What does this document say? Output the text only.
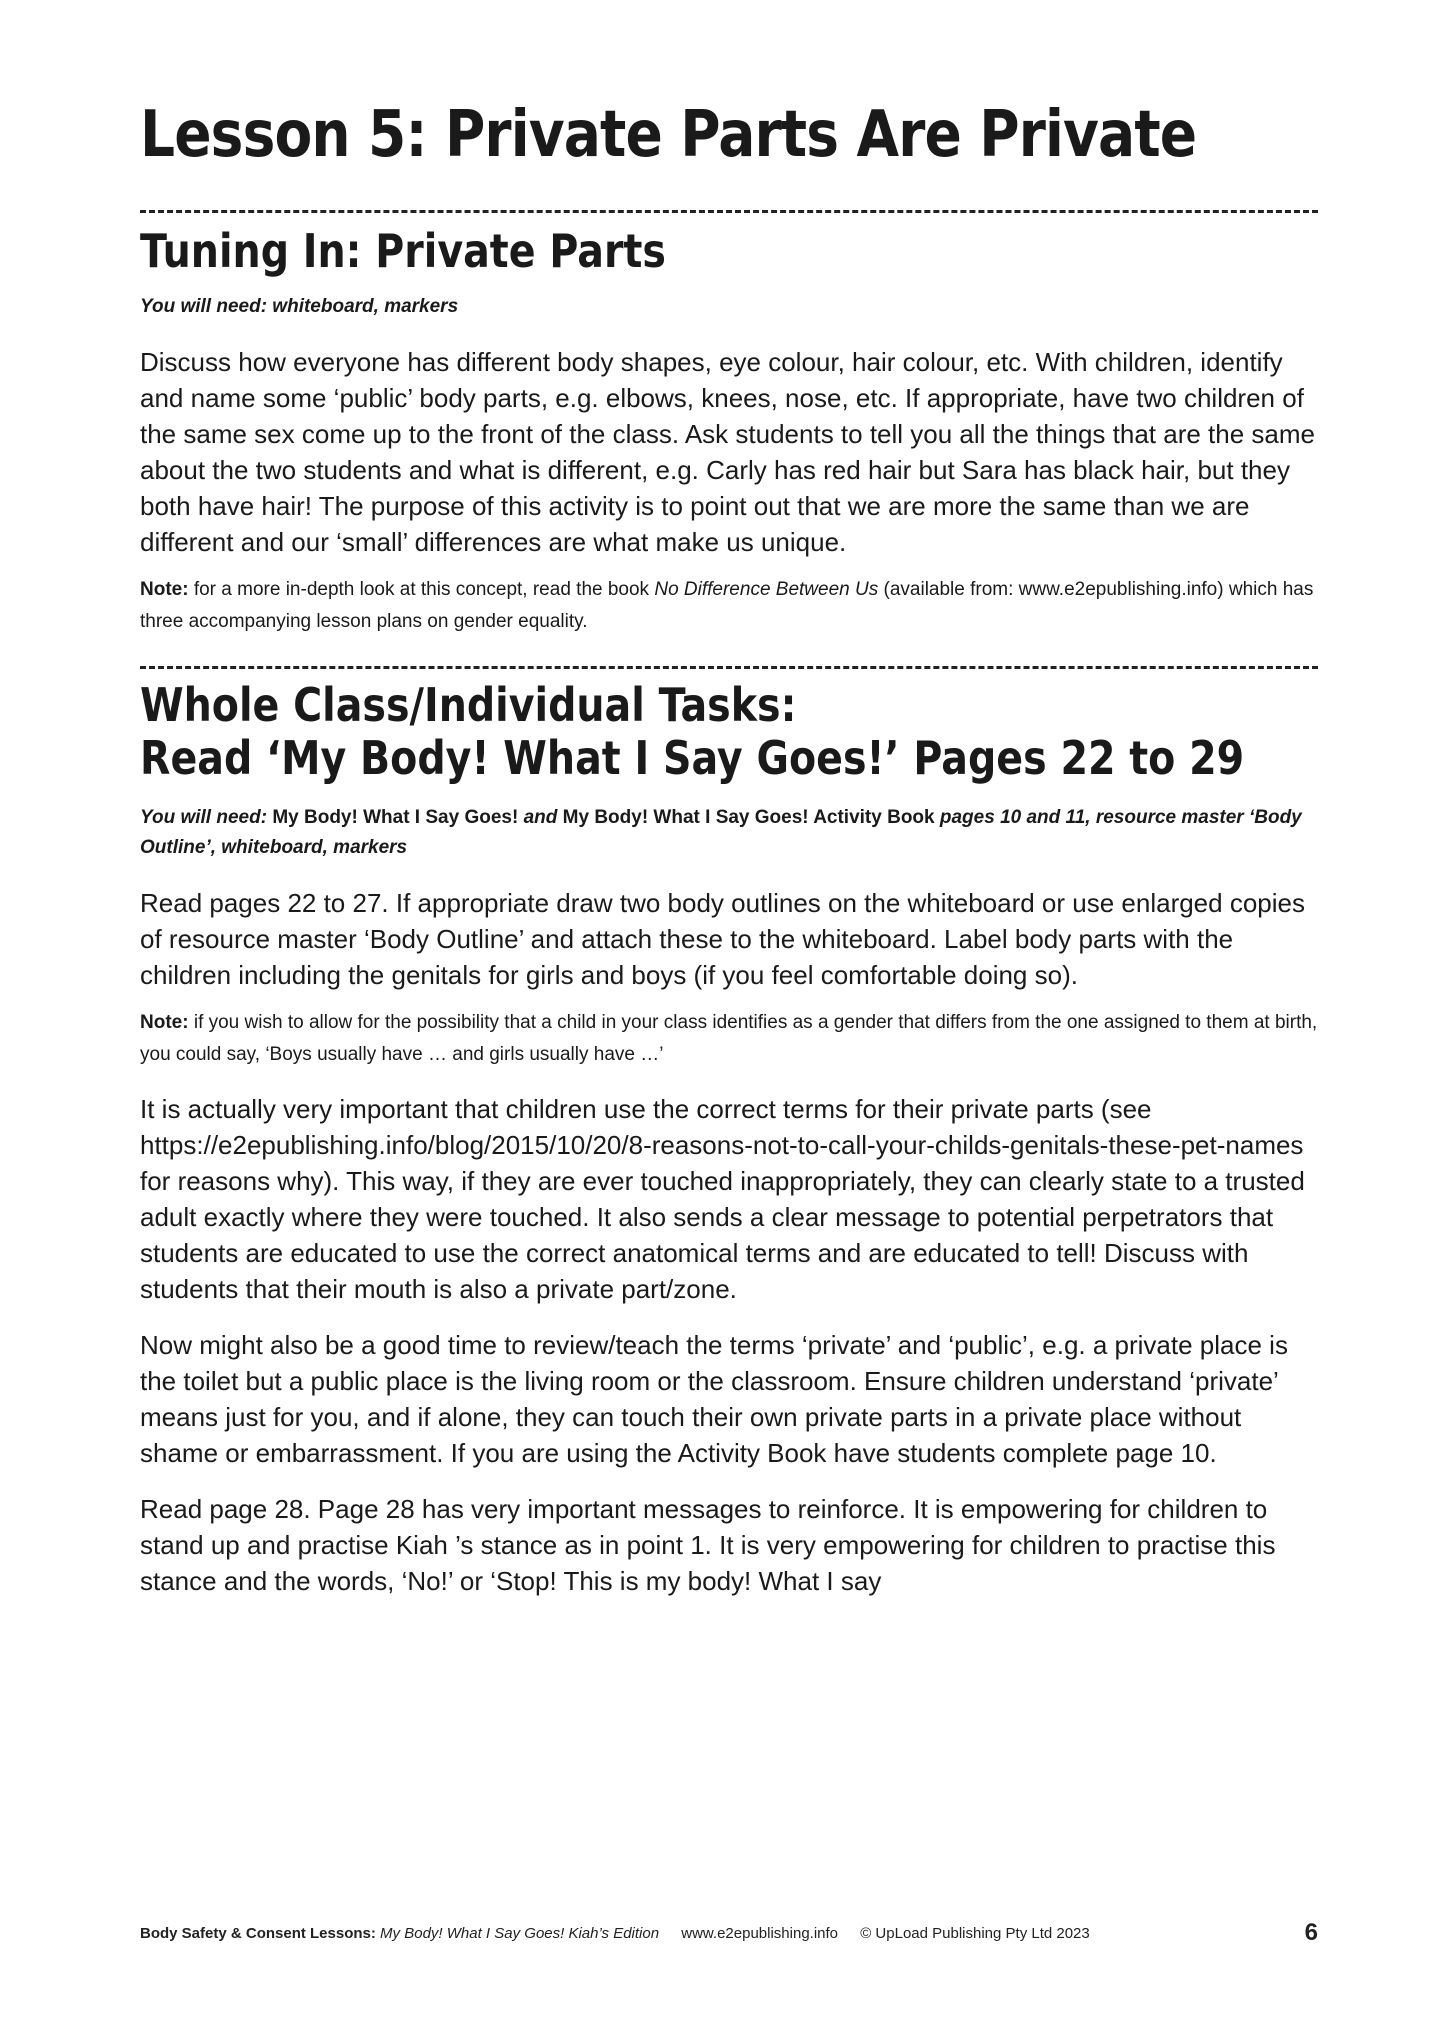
Lesson 5: Private Parts Are Private
Tuning In: Private Parts

You will need: whiteboard, markers

Discuss how everyone has different body shapes, eye colour, hair colour, etc. With children, identify and name some ‘public’ body parts, e.g. elbows, knees, nose, etc. If appropriate, have two children of the same sex come up to the front of the class. Ask students to tell you all the things that are the same about the two students and what is different, e.g. Carly has red hair but Sara has black hair, but they both have hair! The purpose of this activity is to point out that we are more the same than we are different and our ‘small’ differences are what make us unique.

Note: for a more in-depth look at this concept, read the book No Difference Between Us (available from: www.e2epublishing.info) which has three accompanying lesson plans on gender equality.

Whole Class/Individual Tasks:
Read ‘My Body! What I Say Goes!’ Pages 22 to 29

You will need: My Body! What I Say Goes! and My Body! What I Say Goes! Activity Book pages 10 and 11, resource master ‘Body Outline’, whiteboard, markers

Read pages 22 to 27. If appropriate draw two body outlines on the whiteboard or use enlarged copies of resource master ‘Body Outline’ and attach these to the whiteboard. Label body parts with the children including the genitals for girls and boys (if you feel comfortable doing so).

Note: if you wish to allow for the possibility that a child in your class identifies as a gender that differs from the one assigned to them at birth, you could say, ‘Boys usually have … and girls usually have …’

It is actually very important that children use the correct terms for their private parts (see https://e2epublishing.info/blog/2015/10/20/8-reasons-not-to-call-your-childs-genitals-these-pet-names for reasons why). This way, if they are ever touched inappropriately, they can clearly state to a trusted adult exactly where they were touched. It also sends a clear message to potential perpetrators that students are educated to use the correct anatomical terms and are educated to tell! Discuss with students that their mouth is also a private part/zone.

Now might also be a good time to review/teach the terms ‘private’ and ‘public’, e.g. a private place is the toilet but a public place is the living room or the classroom. Ensure children understand ‘private’ means just for you, and if alone, they can touch their own private parts in a private place without shame or embarrassment. If you are using the Activity Book have students complete page 10.

Read page 28. Page 28 has very important messages to reinforce. It is empowering for children to stand up and practise Kiah ’s stance as in point 1. It is very empowering for children to practise this stance and the words, ‘No!’ or ‘Stop! This is my body! What I say

Body Safety & Consent Lessons: My Body! What I Say Goes! Kiah’s Edition www.e2epublishing.info © UpLoad Publishing Pty Ltd 2023	6
